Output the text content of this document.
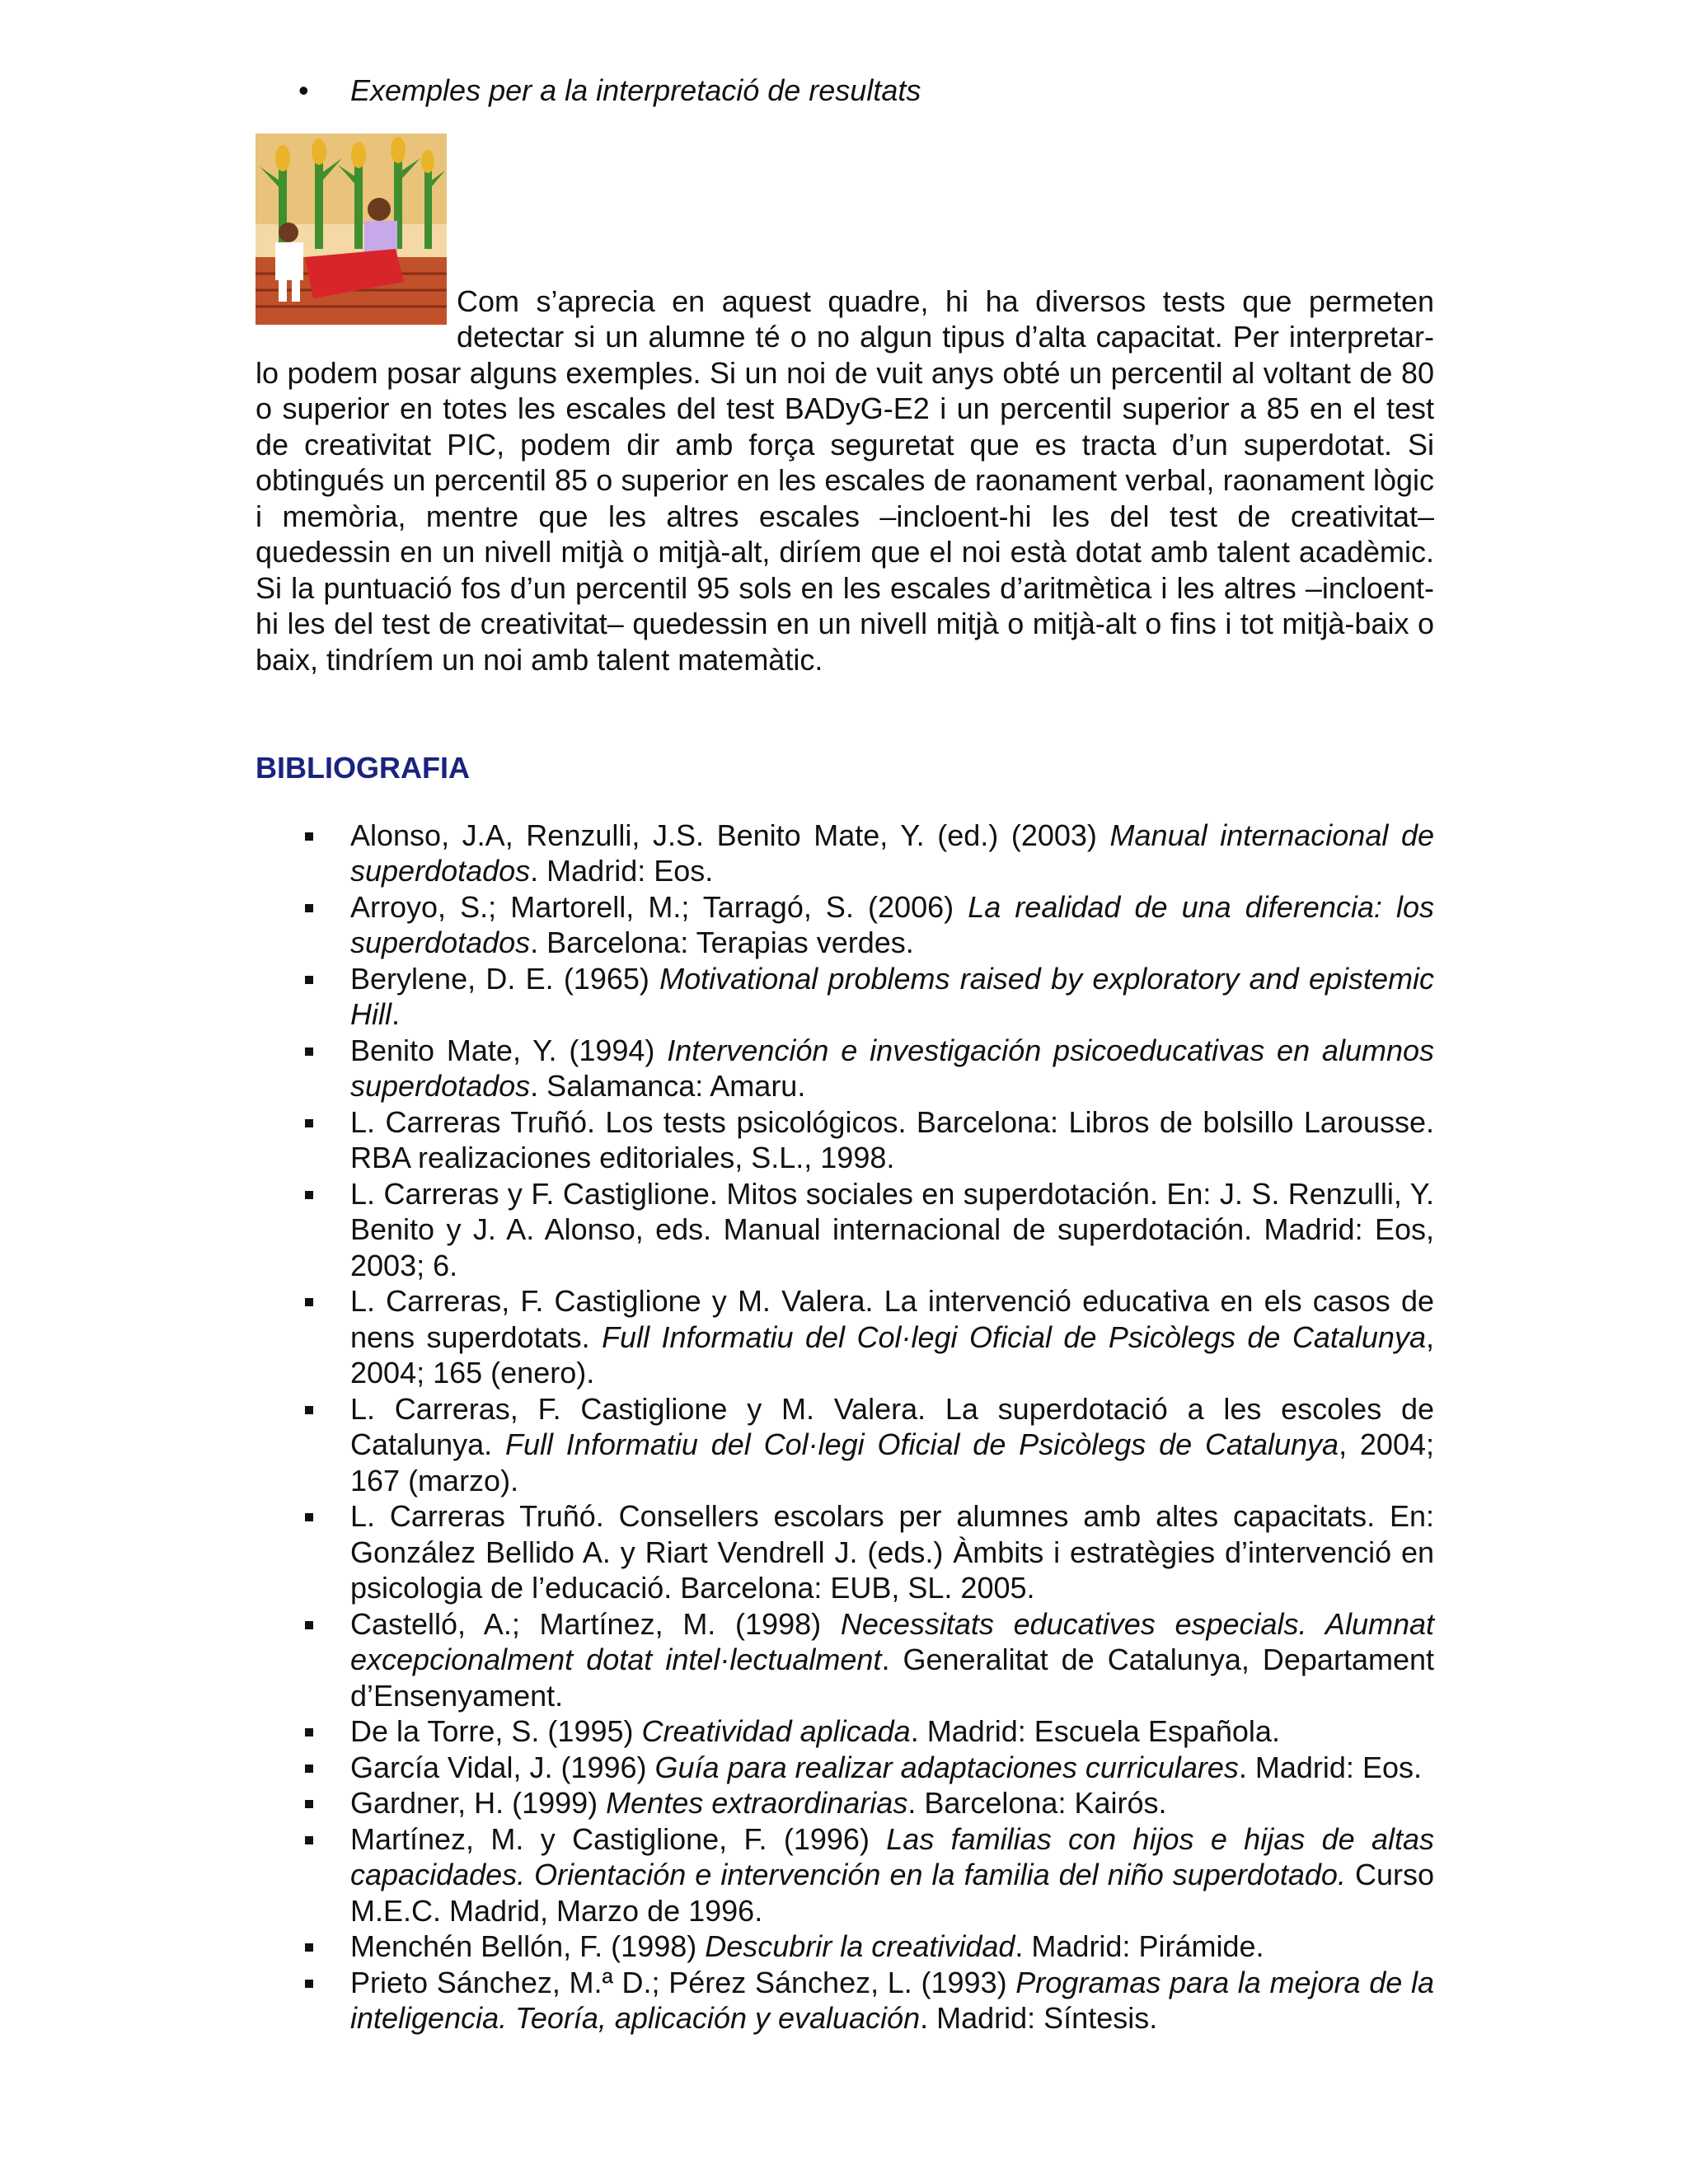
• Exemples per a la interpretació de resultats

Com s’aprecia en aquest quadre, hi ha diversos tests que permeten detectar si un alumne té o no algun tipus d’alta capacitat. Per interpretar-lo podem posar alguns exemples. Si un noi de vuit anys obté un percentil al voltant de 80 o superior en totes les escales del test BADyG-E2 i un percentil superior a 85 en el test de creativitat PIC, podem dir amb força seguretat que es tracta d’un superdotat. Si obtingués un percentil 85 o superior en les escales de raonament verbal, raonament lògic i memòria, mentre que les altres escales –incloent-hi les del test de creativitat– quedessin en un nivell mitjà o mitjà-alt, diríem que el noi està dotat amb talent acadèmic. Si la puntuació fos d’un percentil 95 sols en les escales d’aritmètica i les altres –incloent-hi les del test de creativitat– quedessin en un nivell mitjà o mitjà-alt o fins i tot mitjà-baix o baix, tindríem un noi amb talent matemàtic.

BIBLIOGRAFIA
Alonso, J.A, Renzulli, J.S. Benito Mate, Y. (ed.) (2003) Manual internacional de superdotados. Madrid: Eos.
Arroyo, S.; Martorell, M.; Tarragó, S. (2006) La realidad de una diferencia: los superdotados. Barcelona: Terapias verdes.
Berylene, D. E. (1965) Motivational problems raised by exploratory and epistemic Hill.
Benito Mate, Y. (1994) Intervención e investigación psicoeducativas en alumnos superdotados. Salamanca: Amaru.
L. Carreras Truñó. Los tests psicológicos. Barcelona: Libros de bolsillo Larousse. RBA realizaciones editoriales, S.L., 1998.
L. Carreras y F. Castiglione. Mitos sociales en superdotación. En: J. S. Renzulli, Y. Benito y J. A. Alonso, eds. Manual internacional de superdotación. Madrid: Eos, 2003; 6.
L. Carreras, F. Castiglione y M. Valera. La intervenció educativa en els casos de nens superdotats. Full Informatiu del Col·legi Oficial de Psicòlegs de Catalunya, 2004; 165 (enero).
L. Carreras, F. Castiglione y M. Valera. La superdotació a les escoles de Catalunya. Full Informatiu del Col·legi Oficial de Psicòlegs de Catalunya, 2004; 167 (marzo).
L. Carreras Truñó. Consellers escolars per alumnes amb altes capacitats. En: González Bellido A. y Riart Vendrell J. (eds.) Àmbits i estratègies d’intervenció en psicologia de l’educació. Barcelona: EUB, SL. 2005.
Castelló, A.; Martínez, M. (1998) Necessitats educatives especials. Alumnat excepcionalment dotat intel·lectualment. Generalitat de Catalunya, Departament d’Ensenyament.
De la Torre, S. (1995) Creatividad aplicada. Madrid: Escuela Española.
García Vidal, J. (1996) Guía para realizar adaptaciones curriculares. Madrid: Eos.
Gardner, H. (1999) Mentes extraordinarias. Barcelona: Kairós.
Martínez, M. y Castiglione, F. (1996) Las familias con hijos e hijas de altas capacidades. Orientación e intervención en la familia del niño superdotado. Curso M.E.C. Madrid, Marzo de 1996.
Menchén Bellón, F. (1998) Descubrir la creatividad. Madrid: Pirámide.
Prieto Sánchez, M.ª D.; Pérez Sánchez, L. (1993) Programas para la mejora de la inteligencia. Teoría, aplicación y evaluación. Madrid: Síntesis.
